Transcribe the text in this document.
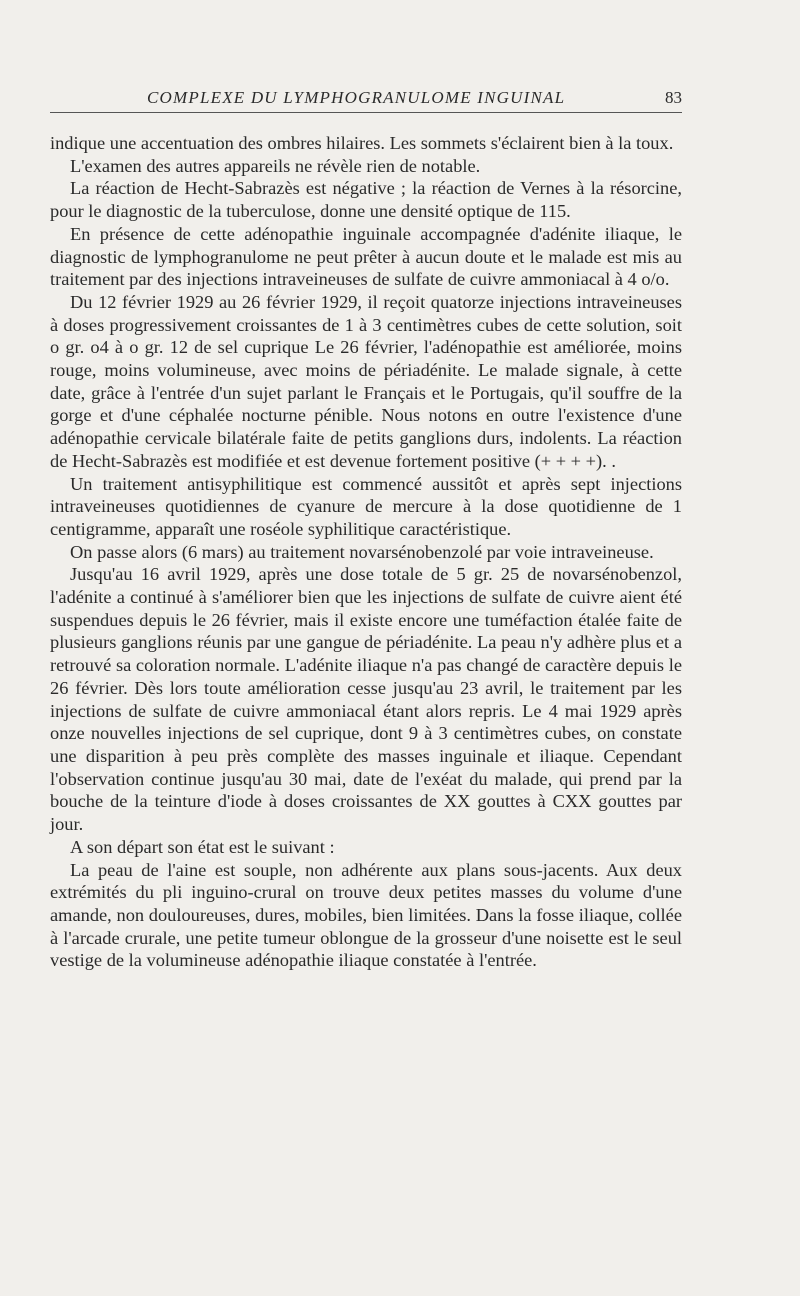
COMPLEXE DU LYMPHOGRANULOME INGUINAL	83

indique une accentuation des ombres hilaires. Les sommets s'éclairent bien à la toux.

L'examen des autres appareils ne révèle rien de notable.

La réaction de Hecht-Sabrazès est négative ; la réaction de Vernes à la résorcine, pour le diagnostic de la tuberculose, donne une densité optique de 115.

En présence de cette adénopathie inguinale accompagnée d'adénite iliaque, le diagnostic de lymphogranulome ne peut prêter à aucun doute et le malade est mis au traitement par des injections intraveineuses de sulfate de cuivre ammoniacal à 4 o/o.

Du 12 février 1929 au 26 février 1929, il reçoit quatorze injections intraveineuses à doses progressivement croissantes de 1 à 3 centimètres cubes de cette solution, soit o gr. o4 à o gr. 12 de sel cuprique Le 26 février, l'adénopathie est améliorée, moins rouge, moins volumineuse, avec moins de périadénite. Le malade signale, à cette date, grâce à l'entrée d'un sujet parlant le Français et le Portugais, qu'il souffre de la gorge et d'une céphalée nocturne pénible. Nous notons en outre l'existence d'une adénopathie cervicale bilatérale faite de petits ganglions durs, indolents. La réaction de Hecht-Sabrazès est modifiée et est devenue fortement positive (+ + + +). .

Un traitement antisyphilitique est commencé aussitôt et après sept injections intraveineuses quotidiennes de cyanure de mercure à la dose quotidienne de 1 centigramme, apparaît une roséole syphilitique caractéristique.

On passe alors (6 mars) au traitement novarsénobenzolé par voie intraveineuse.

Jusqu'au 16 avril 1929, après une dose totale de 5 gr. 25 de novarsénobenzol, l'adénite a continué à s'améliorer bien que les injections de sulfate de cuivre aient été suspendues depuis le 26 février, mais il existe encore une tuméfaction étalée faite de plusieurs ganglions réunis par une gangue de périadénite. La peau n'y adhère plus et a retrouvé sa coloration normale. L'adénite iliaque n'a pas changé de caractère depuis le 26 février. Dès lors toute amélioration cesse jusqu'au 23 avril, le traitement par les injections de sulfate de cuivre ammoniacal étant alors repris. Le 4 mai 1929 après onze nouvelles injections de sel cuprique, dont 9 à 3 centimètres cubes, on constate une disparition à peu près complète des masses inguinale et iliaque. Cependant l'observation continue jusqu'au 30 mai, date de l'exéat du malade, qui prend par la bouche de la teinture d'iode à doses croissantes de XX gouttes à CXX gouttes par jour.

A son départ son état est le suivant :

La peau de l'aine est souple, non adhérente aux plans sous-jacents. Aux deux extrémités du pli inguino-crural on trouve deux petites masses du volume d'une amande, non douloureuses, dures, mobiles, bien limitées. Dans la fosse iliaque, collée à l'arcade crurale, une petite tumeur oblongue de la grosseur d'une noisette est le seul vestige de la volumineuse adénopathie iliaque constatée à l'entrée.
